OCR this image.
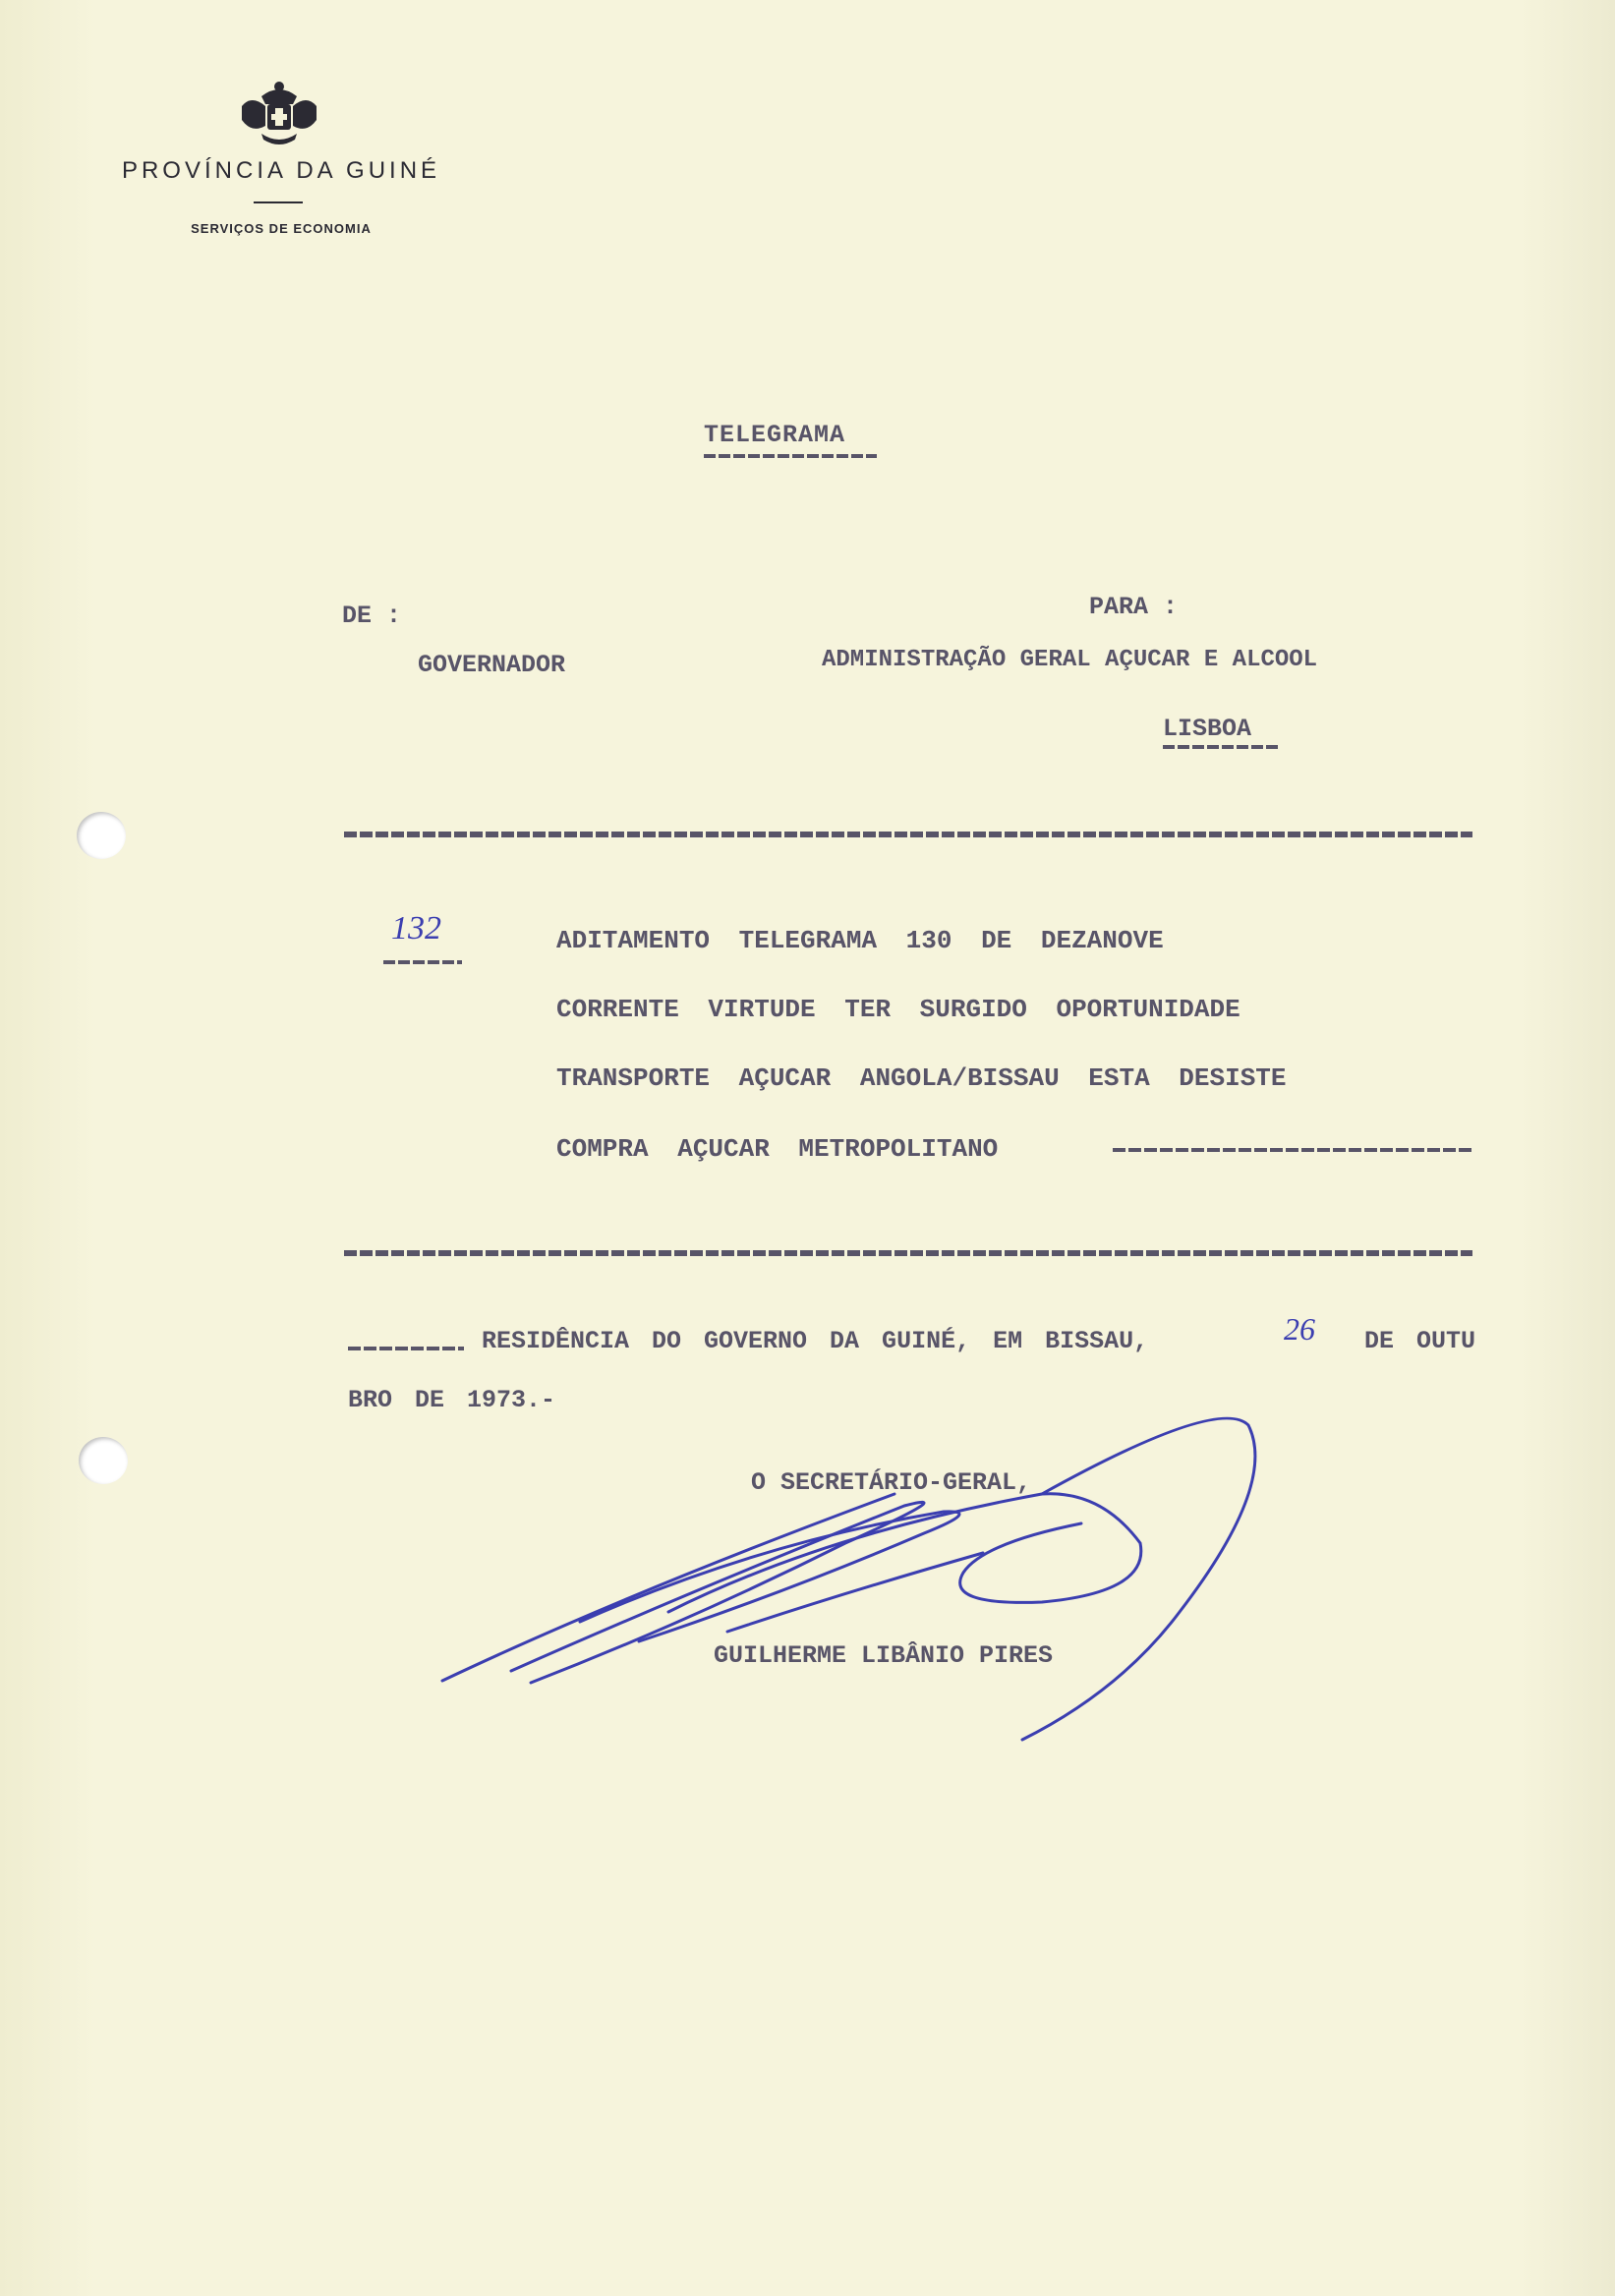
PROVÍNCIA DA GUINÉ
SERVIÇOS DE ECONOMIA
TELEGRAMA
DE :	PARA :
GOVERNADOR	ADMINISTRAÇÃO GERAL AÇUCAR E ALCOOL
LISBOA
132	ADITAMENTO TELEGRAMA 130 DE DEZANOVE
CORRENTE VIRTUDE TER SURGIDO OPORTUNIDADE
TRANSPORTE AÇUCAR ANGOLA/BISSAU ESTA DESISTE
COMPRA AÇUCAR METROPOLITANO
RESIDÊNCIA DO GOVERNO DA GUINÉ, EM BISSAU,	26 DE OUTU
BRO DE 1973.-
O SECRETÁRIO-GERAL,
GUILHERME LIBÂNIO PIRES
